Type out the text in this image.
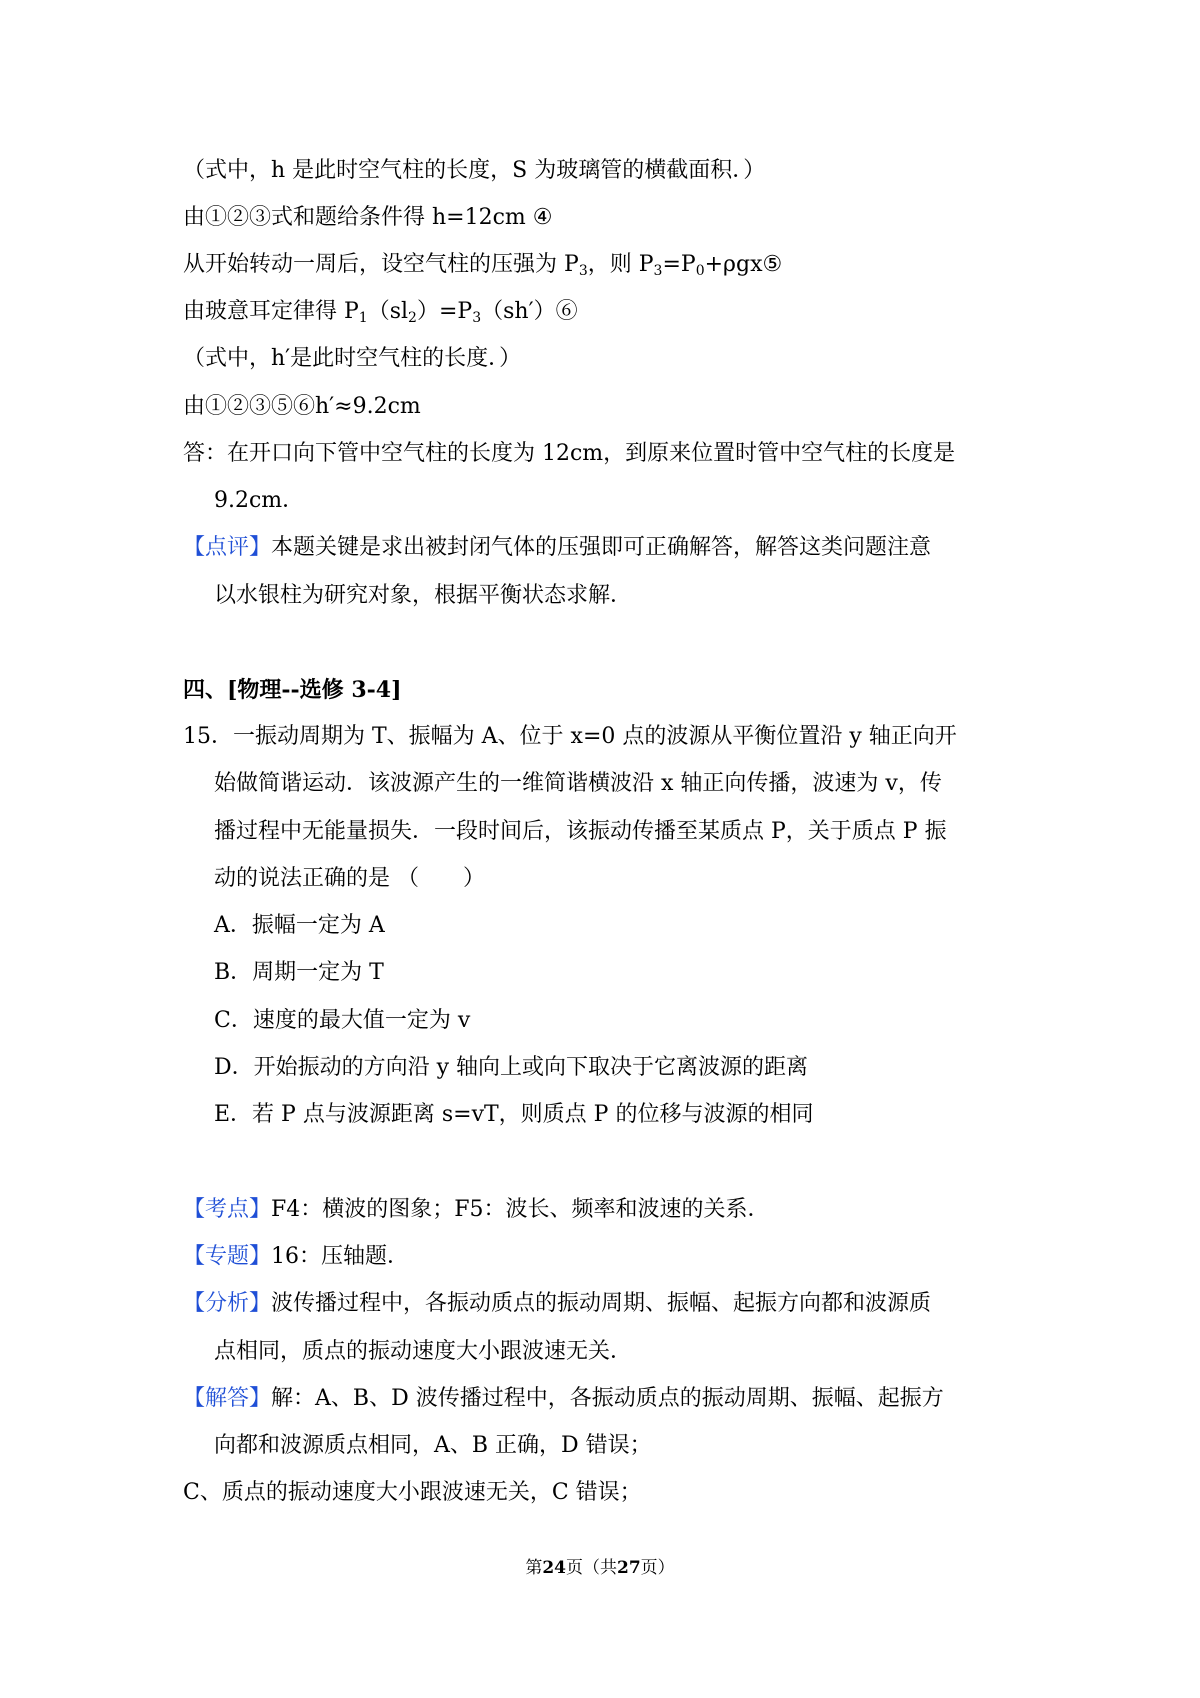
（式中，h 是此时空气柱的长度，S 为玻璃管的横截面积．）
由①②③式和题给条件得 h=12cm ④
从开始转动一周后，设空气柱的压强为 $P_3$，则 $P_3=P_0+\rho gx⑤$
由玻意耳定律得 $P_1(sl_2)=P_3(sh')⑥$
（式中，h′是此时空气柱的长度．）
由①②③⑤⑥h′≈9.2cm
答：在开口向下管中空气柱的长度为 12cm，到原来位置时管中空气柱的长度是
9.2cm．
【点评】本题关键是求出被封闭气体的压强即可正确解答，解答这类问题注意
以水银柱为研究对象，根据平衡状态求解．
四、[物理--选修 3-4]
15．一振动周期为 T、振幅为 A、位于 x=0 点的波源从平衡位置沿 y 轴正向开
始做简谐运动．该波源产生的一维简谐横波沿 x 轴正向传播，波速为 v，传
播过程中无能量损失．一段时间后，该振动传播至某质点 P，关于质点 P 振
动的说法正确的是 （　　）
A．振幅一定为 A
B．周期一定为 T
C．速度的最大值一定为 v
D．开始振动的方向沿 y 轴向上或向下取决于它离波源的距离
E．若 P 点与波源距离 s=vT，则质点 P 的位移与波源的相同
【考点】F4：横波的图象；F5：波长、频率和波速的关系．
【专题】16：压轴题．
【分析】波传播过程中，各振动质点的振动周期、振幅、起振方向都和波源质
点相同，质点的振动速度大小跟波速无关．
【解答】解：A、B、D 波传播过程中，各振动质点的振动周期、振幅、起振方
向都和波源质点相同，A、B 正确，D 错误；
C、质点的振动速度大小跟波速无关，C 错误；
第24页（共27页）
